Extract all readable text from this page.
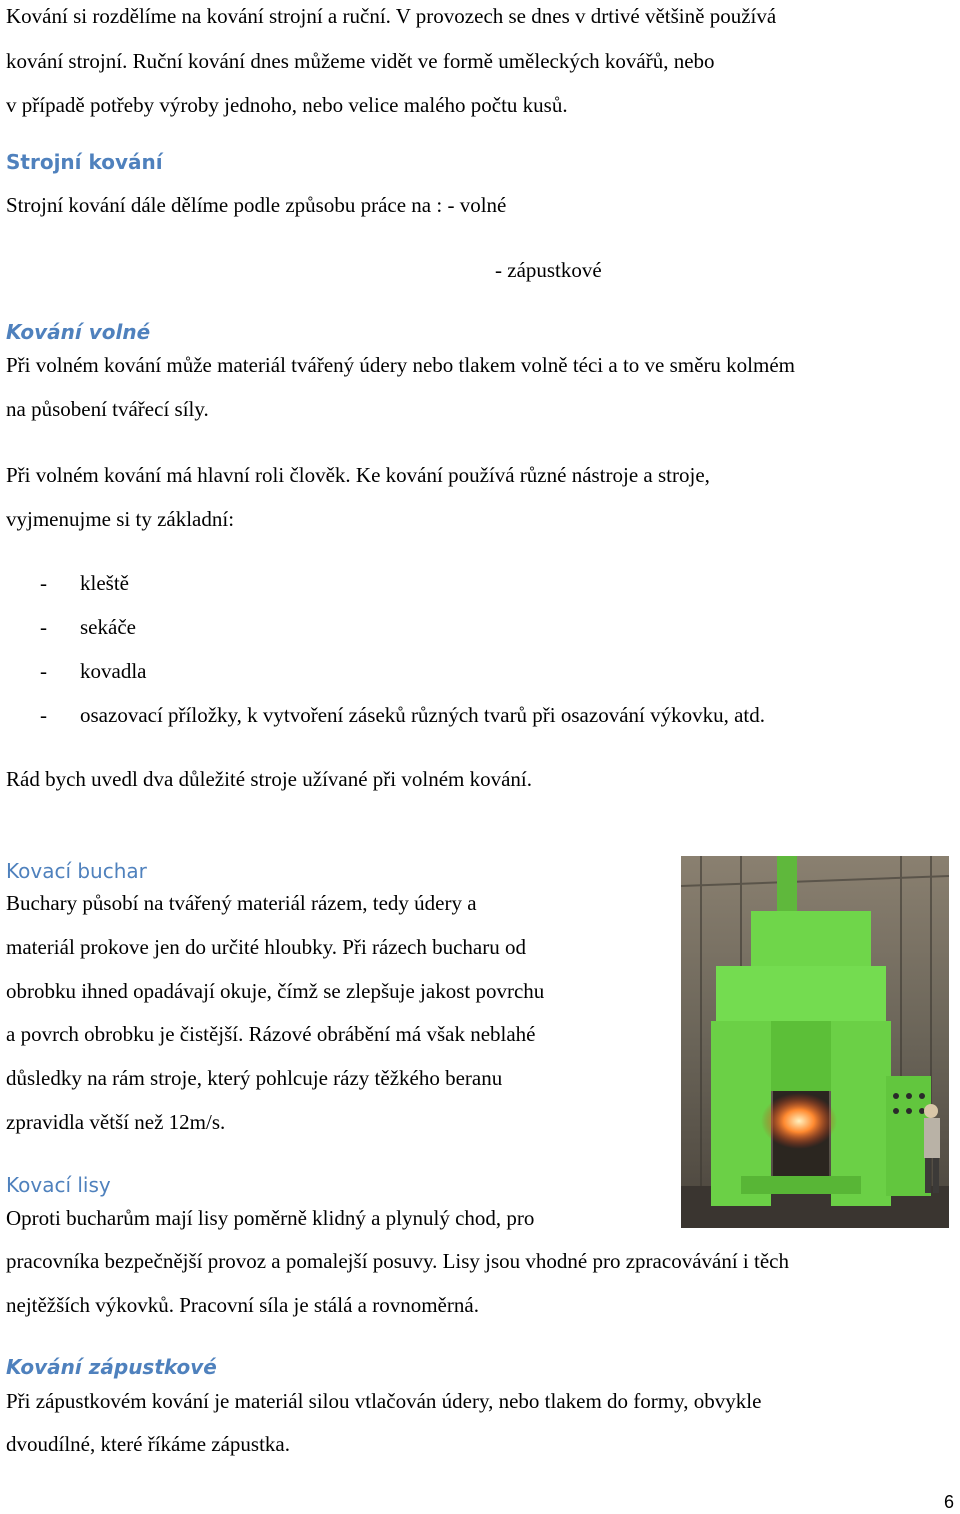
Kování si rozdělíme na kování strojní a ruční. V provozech se dnes v drtivé většině používá
kování strojní. Ruční kování dnes můžeme vidět ve formě uměleckých kovářů, nebo
v případě potřeby výroby jednoho, nebo velice malého počtu kusů.
Strojní kování
Strojní kování dále dělíme podle způsobu práce na : - volné
- zápustkové
Kování volné
Při volném kování může materiál tvářený údery nebo tlakem volně téci a to ve směru kolmém
na působení tvářecí síly.
Při volném kování má hlavní roli člověk. Ke kování používá různé nástroje a stroje,
vyjmenujme si ty základní:
- kleště
- sekáče
- kovadla
- osazovací příložky, k vytvoření záseků různých tvarů při osazování výkovku, atd.
Rád bych uvedl dva důležité stroje užívané při volném kování.
Kovací buchar
Buchary působí na tvářený materiál rázem, tedy údery a
materiál prokove jen do určité hloubky. Při rázech bucharu od
obrobku ihned opadávají okuje, čímž se zlepšuje jakost povrchu
a povrch obrobku je čistější. Rázové obrábění má však neblahé
důsledky na rám stroje, který pohlcuje rázy těžkého beranu
zpravidla větší než 12m/s.
Kovací lisy
Oproti bucharům mají lisy poměrně klidný a plynulý chod, pro
pracovníka bezpečnější provoz a pomalejší posuvy. Lisy jsou vhodné pro zpracovávání i těch
nejtěžších výkovků. Pracovní síla je stálá a rovnoměrná.
Kování zápustkové
Při zápustkovém kování je materiál silou vtlačován údery, nebo tlakem do formy, obvykle
dvoudílné, které říkáme zápustka.
6
